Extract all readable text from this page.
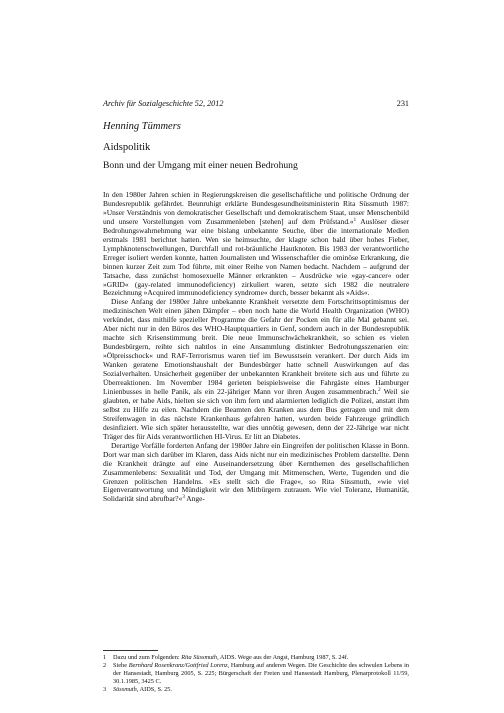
Archiv für Sozialgeschichte 52, 2012	231
Henning Tümmers
Aidspolitik
Bonn und der Umgang mit einer neuen Bedrohung

In den 1980er Jahren schien in Regierungskreisen die gesellschaftliche und politische Ordnung der Bundesrepublik gefährdet. Beunruhigt erklärte Bundesgesundheitsministerin Rita Süssmuth 1987: »Unser Verständnis von demokratischer Gesellschaft und demokratischem Staat, unser Menschenbild und unsere Vorstellungen vom Zusammenleben [stehen] auf dem Prüfstand.«$^1$ Auslöser dieser Bedrohungswahrnehmung war eine bislang unbekannte Seuche, über die internationale Medien erstmals 1981 berichtet hatten. Wen sie heimsuchte, der klagte schon bald über hohes Fieber, Lymphknotenschwellungen, Durchfall und rot-bräunliche Hautknoten. Bis 1983 der verantwortliche Erreger isoliert werden konnte, hatten Journalisten und Wissenschaftler die ominöse Erkrankung, die binnen kurzer Zeit zum Tod führte, mit einer Reihe von Namen bedacht. Nachdem – aufgrund der Tatsache, dass zunächst homosexuelle Männer erkrankten – Ausdrücke wie »gay-cancer« oder »GRID« (gay-related immunodeficiency) zirkuliert waren, setzte sich 1982 die neutralere Bezeichnung »Acquired immunodeficiency syndrome« durch, besser bekannt als »Aids«.

Diese Anfang der 1980er Jahre unbekannte Krankheit versetzte dem Fortschrittsoptimismus der medizinischen Welt einen jähen Dämpfer – eben noch hatte die World Health Organization (WHO) verkündet, dass mithilfe spezieller Programme die Gefahr der Pocken ein für alle Mal gebannt sei. Aber nicht nur in den Büros des WHO-Hauptquartiers in Genf, sondern auch in der Bundesrepublik machte sich Krisenstimmung breit. Die neue Immunschwächekrankheit, so schien es vielen Bundesbürgern, reihte sich nahtlos in eine Ansammlung distinkter Bedrohungsszenarien ein: »Ölpreisschock« und RAF-Terrorismus waren tief im Bewusstsein verankert. Der durch Aids im Wanken geratene Emotionshaushalt der Bundesbürger hatte schnell Auswirkungen auf das Sozialverhalten. Unsicherheit gegenüber der unbekannten Krankheit breitete sich aus und führte zu Überreaktionen. Im November 1984 gerieten beispielsweise die Fahrgäste eines Hamburger Linienbusses in helle Panik, als ein 22-jähriger Mann vor ihren Augen zusammenbrach.$^2$ Weil sie glaubten, er habe Aids, hielten sie sich von ihm fern und alarmierten lediglich die Polizei, anstatt ihm selbst zu Hilfe zu eilen. Nachdem die Beamten den Kranken aus dem Bus getragen und mit dem Streifenwagen in das nächste Krankenhaus gefahren hatten, wurden beide Fahrzeuge gründlich desinfiziert. Wie sich später herausstellte, war dies unnötig gewesen, denn der 22-Jährige war nicht Träger des für Aids verantwortlichen HI-Virus. Er litt an Diabetes.

Derartige Vorfälle forderten Anfang der 1980er Jahre ein Eingreifen der politischen Klasse in Bonn. Dort war man sich darüber im Klaren, dass Aids nicht nur ein medizinisches Problem darstellte. Denn die Krankheit drängte auf eine Auseinandersetzung über Kernthemen des gesellschaftlichen Zusammenlebens: Sexualität und Tod, der Umgang mit Mitmenschen, Werte, Tugenden und die Grenzen politischen Handelns. »Es stellt sich die Frage«, so Rita Süssmuth, »wie viel Eigenverantwortung und Mündigkeit wir den Mitbürgern zutrauen. Wie viel Toleranz, Humanität, Solidarität sind abrufbar?«$^3$ Ange-

1	Dazu und zum Folgenden: Rita Süssmuth, AIDS. Wege aus der Angst, Hamburg 1987, S. 24f.
2	Siehe Bernhard Rosenkranz/Gottfried Lorenz, Hamburg auf anderen Wegen. Die Geschichte des schwulen Lebens in der Hansestadt, Hamburg 2005, S. 225; Bürgerschaft der Freien und Hansestadt Hamburg, Plenarprotokoll 11/59, 30.1.1985, 3425 C.
3	Süssmuth, AIDS, S. 25.
